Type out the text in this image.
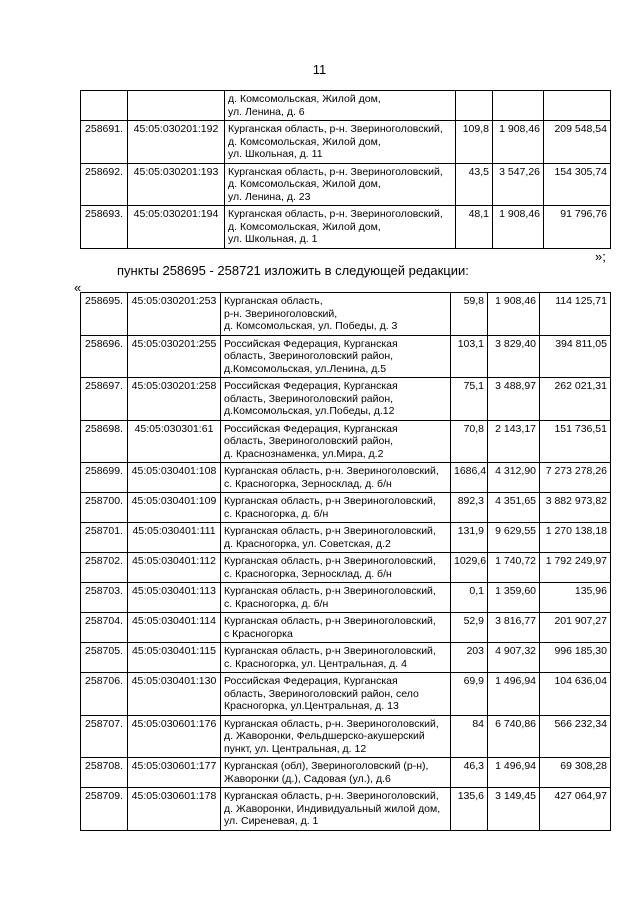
11

		д. Комсомольская, Жилой дом,
ул. Ленина, д. 6			

258691.	45:05:030201:192	Курганская область, р-н. Звериноголовский,
д. Комсомольская, Жилой дом,
ул. Школьная, д. 11	109,8	1 908,46	209 548,54
258692.	45:05:030201:193	Курганская область, р-н. Звериноголовский,
д. Комсомольская, Жилой дом,
ул. Ленина, д. 23	43,5	3 547,26	154 305,74
258693.	45:05:030201:194	Курганская область, р-н. Звериноголовский,
д. Комсомольская, Жилой дом,
ул. Школьная, д. 1	48,1	1 908,46	91 796,76
»;
пункты 258695 - 258721 изложить в следующей редакции:
«
258695.	45:05:030201:253	Курганская область,
р-н. Звериноголовский,
д. Комсомольская, ул. Победы, д. 3	59,8	1 908,46	114 125,71
258696.	45:05:030201:255	Российская Федерация, Курганская
область, Звериноголовский район,
д.Комсомольская, ул.Ленина, д.5	103,1	3 829,40	394 811,05
258697.	45:05:030201:258	Российская Федерация, Курганская
область, Звериноголовский район,
д.Комсомольская, ул.Победы, д.12	75,1	3 488,97	262 021,31
258698.	45:05:030301:61	Российская Федерация, Курганская
область, Звериноголовский район,
д. Краснознаменка, ул.Мира, д.2	70,8	2 143,17	151 736,51
258699.	45:05:030401:108	Курганская область, р-н. Звериноголовский,
с. Красногорка, Зерносклад, д. б/н	1686,4	4 312,90	7 273 278,26
258700.	45:05:030401:109	Курганская область, р-н Звериноголовский,
с. Красногорка, д. б/н	892,3	4 351,65	3 882 973,82
258701.	45:05:030401:111	Курганская область, р-н Звериноголовский,
д. Красногорка, ул. Советская, д.2	131,9	9 629,55	1 270 138,18
258702.	45:05:030401:112	Курганская область, р-н Звериноголовский,
с. Красногорка, Зерносклад, д. б/н	1029,6	1 740,72	1 792 249,97
258703.	45:05:030401:113	Курганская область, р-н Звериноголовский,
с. Красногорка, д. б/н	0,1	1 359,60	135,96
258704.	45:05:030401:114	Курганская область, р-н Звериноголовский,
с Красногорка	52,9	3 816,77	201 907,27
258705.	45:05:030401:115	Курганская область, р-н Звериноголовский,
с. Красногорка, ул. Центральная, д. 4	203	4 907,32	996 185,30
258706.	45:05:030401:130	Российская Федерация, Курганская
область, Звериноголовский район, село
Красногорка, ул.Центральная, д. 13	69,9	1 496,94	104 636,04
258707.	45:05:030601:176	Курганская область, р-н. Звериноголовский,
д. Жаворонки, Фельдшерско-акушерский
пункт, ул. Центральная, д. 12	84	6 740,86	566 232,34
258708.	45:05:030601:177	Курганская (обл), Звериноголовский (р-н),
Жаворонки (д.), Садовая (ул.), д.6	46,3	1 496,94	69 308,28
258709.	45:05:030601:178	Курганская область, р-н. Звериноголовский,
д. Жаворонки, Индивидуальный жилой дом,
ул. Сиреневая, д. 1	135,6	3 149,45	427 064,97
